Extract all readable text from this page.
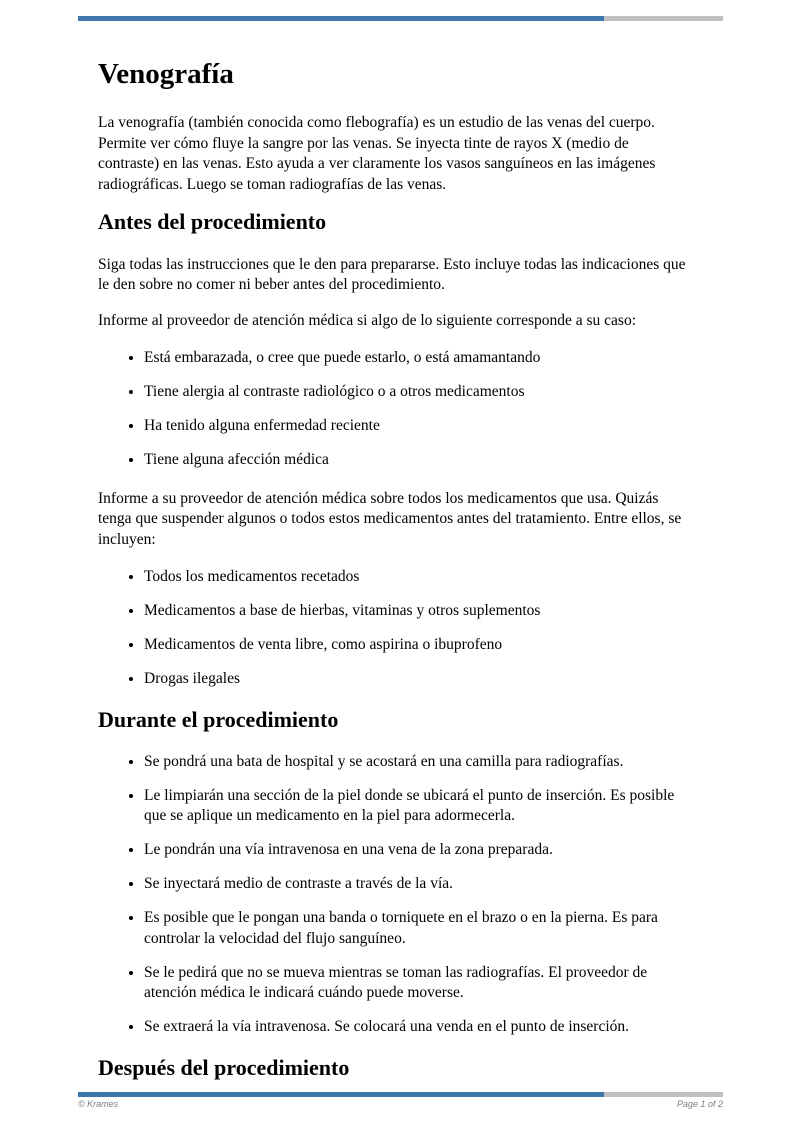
Venografía

La venografía (también conocida como flebografía) es un estudio de las venas del cuerpo. Permite ver cómo fluye la sangre por las venas. Se inyecta tinte de rayos X (medio de contraste) en las venas. Esto ayuda a ver claramente los vasos sanguíneos en las imágenes radiográficas. Luego se toman radiografías de las venas.

Antes del procedimiento

Siga todas las instrucciones que le den para prepararse. Esto incluye todas las indicaciones que le den sobre no comer ni beber antes del procedimiento.

Informe al proveedor de atención médica si algo de lo siguiente corresponde a su caso:

• Está embarazada, o cree que puede estarlo, o está amamantando
• Tiene alergia al contraste radiológico o a otros medicamentos
• Ha tenido alguna enfermedad reciente
• Tiene alguna afección médica

Informe a su proveedor de atención médica sobre todos los medicamentos que usa. Quizás tenga que suspender algunos o todos estos medicamentos antes del tratamiento. Entre ellos, se incluyen:

• Todos los medicamentos recetados
• Medicamentos a base de hierbas, vitaminas y otros suplementos
• Medicamentos de venta libre, como aspirina o ibuprofeno
• Drogas ilegales
Durante el procedimiento
• Se pondrá una bata de hospital y se acostará en una camilla para radiografías.
• Le limpiarán una sección de la piel donde se ubicará el punto de inserción. Es posible que se aplique un medicamento en la piel para adormecerla.
• Le pondrán una vía intravenosa en una vena de la zona preparada.
• Se inyectará medio de contraste a través de la vía.
• Es posible que le pongan una banda o torniquete en el brazo o en la pierna. Es para controlar la velocidad del flujo sanguíneo.
• Se le pedirá que no se mueva mientras se toman las radiografías. El proveedor de atención médica le indicará cuándo puede moverse.
• Se extraerá la vía intravenosa. Se colocará una venda en el punto de inserción.
Después del procedimiento
© Krames	Page 1 of 2
